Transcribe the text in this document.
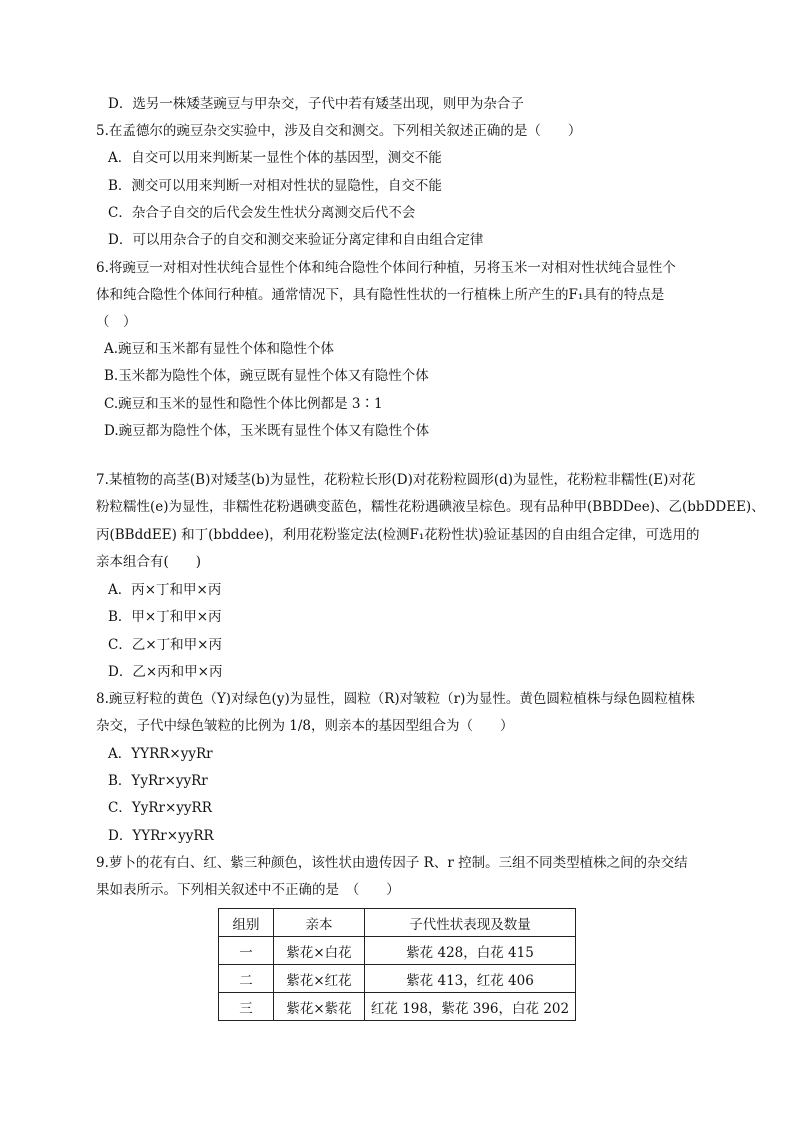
D．选另一株矮茎豌豆与甲杂交，子代中若有矮茎出现，则甲为杂合子
5.在孟德尔的豌豆杂交实验中，涉及自交和测交。下列相关叙述正确的是（　　）
A．自交可以用来判断某一显性个体的基因型，测交不能
B．测交可以用来判断一对相对性状的显隐性，自交不能
C．杂合子自交的后代会发生性状分离测交后代不会
D．可以用杂合子的自交和测交来验证分离定律和自由组合定律
6.将豌豆一对相对性状纯合显性个体和纯合隐性个体间行种植，另将玉米一对相对性状纯合显性个
体和纯合隐性个体间行种植。通常情况下，具有隐性性状的一行植株上所产生的F₁具有的特点是
（　）
A.豌豆和玉米都有显性个体和隐性个体
B.玉米都为隐性个体，豌豆既有显性个体又有隐性个体
C.豌豆和玉米的显性和隐性个体比例都是 3∶1
D.豌豆都为隐性个体，玉米既有显性个体又有隐性个体
7.某植物的高茎(B)对矮茎(b)为显性，花粉粒长形(D)对花粉粒圆形(d)为显性，花粉粒非糯性(E)对花
粉粒糯性(e)为显性，非糯性花粉遇碘变蓝色，糯性花粉遇碘液呈棕色。现有品种甲(BBDDee)、乙(bbDDEE)、
丙(BBddEE) 和丁(bbddee)，利用花粉鉴定法(检测F₁花粉性状)验证基因的自由组合定律，可选用的
亲本组合有(　　)
A．丙×丁和甲×丙
B．甲×丁和甲×丙
C．乙×丁和甲×丙
D．乙×丙和甲×丙
8.豌豆籽粒的黄色（Y)对绿色(y)为显性，圆粒（R)对皱粒（r)为显性。黄色圆粒植株与绿色圆粒植株
杂交，子代中绿色皱粒的比例为 1/8，则亲本的基因型组合为（　　）
A．YYRR×yyRr
B．YyRr×yyRr
C．YyRr×yyRR
D．YYRr×yyRR
9.萝卜的花有白、红、紫三种颜色，该性状由遗传因子 R、r 控制。三组不同类型植株之间的杂交结
果如表所示。下列相关叙述中不正确的是　（　　）
组别	亲本	子代性状表现及数量
一	紫花×白花	紫花 428，白花 415
二	紫花×红花	紫花 413，红花 406
三	紫花×紫花	红花 198，紫花 396，白花 202
